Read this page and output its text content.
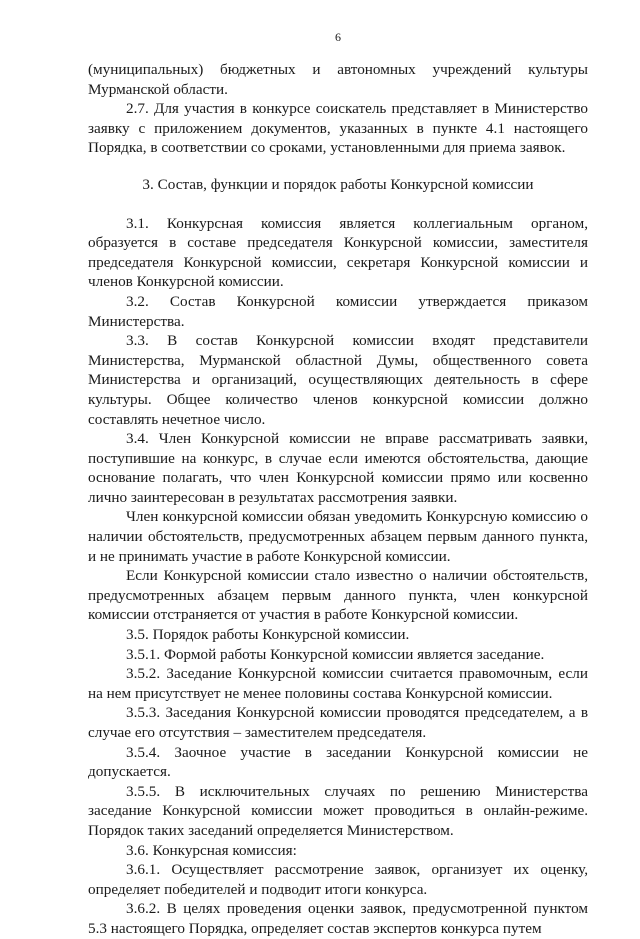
6

(муниципальных) бюджетных и автономных учреждений культуры Мурманской области.

2.7. Для участия в конкурсе соискатель представляет в Министерство заявку с приложением документов, указанных в пункте 4.1 настоящего Порядка, в соответствии со сроками, установленными для приема заявок.

3. Состав, функции и порядок работы Конкурсной комиссии

3.1. Конкурсная комиссия является коллегиальным органом, образуется в составе председателя Конкурсной комиссии, заместителя председателя Конкурсной комиссии, секретаря Конкурсной комиссии и членов Конкурсной комиссии.

3.2. Состав Конкурсной комиссии утверждается приказом Министерства.

3.3. В состав Конкурсной комиссии входят представители Министерства, Мурманской областной Думы, общественного совета Министерства и организаций, осуществляющих деятельность в сфере культуры. Общее количество членов конкурсной комиссии должно составлять нечетное число.

3.4. Член Конкурсной комиссии не вправе рассматривать заявки, поступившие на конкурс, в случае если имеются обстоятельства, дающие основание полагать, что член Конкурсной комиссии прямо или косвенно лично заинтересован в результатах рассмотрения заявки.

Член конкурсной комиссии обязан уведомить Конкурсную комиссию о наличии обстоятельств, предусмотренных абзацем первым данного пункта, и не принимать участие в работе Конкурсной комиссии.

Если Конкурсной комиссии стало известно о наличии обстоятельств, предусмотренных абзацем первым данного пункта, член конкурсной комиссии отстраняется от участия в работе Конкурсной комиссии.

3.5. Порядок работы Конкурсной комиссии.

3.5.1. Формой работы Конкурсной комиссии является заседание.

3.5.2. Заседание Конкурсной комиссии считается правомочным, если на нем присутствует не менее половины состава Конкурсной комиссии.

3.5.3. Заседания Конкурсной комиссии проводятся председателем, а в случае его отсутствия – заместителем председателя.

3.5.4. Заочное участие в заседании Конкурсной комиссии не допускается.

3.5.5. В исключительных случаях по решению Министерства заседание Конкурсной комиссии может проводиться в онлайн-режиме. Порядок таких заседаний определяется Министерством.

3.6. Конкурсная комиссия:

3.6.1. Осуществляет рассмотрение заявок, организует их оценку, определяет победителей и подводит итоги конкурса.

3.6.2. В целях проведения оценки заявок, предусмотренной пунктом 5.3 настоящего Порядка, определяет состав экспертов конкурса путем
